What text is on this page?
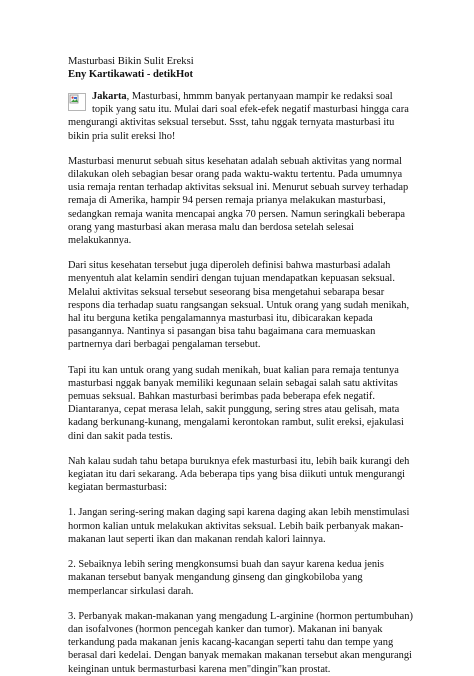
Masturbasi Bikin Sulit Ereksi
Eny Kartikawati - detikHot

Jakarta, Masturbasi, hmmm banyak pertanyaan mampir ke redaksi soal topik yang satu itu. Mulai dari soal efek-efek negatif masturbasi hingga cara mengurangi aktivitas seksual tersebut. Ssst, tahu nggak ternyata masturbasi itu bikin pria sulit ereksi lho!

Masturbasi menurut sebuah situs kesehatan adalah sebuah aktivitas yang normal dilakukan oleh sebagian besar orang pada waktu-waktu tertentu. Pada umumnya usia remaja rentan terhadap aktivitas seksual ini. Menurut sebuah survey terhadap remaja di Amerika, hampir 94 persen remaja prianya melakukan masturbasi, sedangkan remaja wanita mencapai angka 70 persen. Namun seringkali beberapa orang yang masturbasi akan merasa malu dan berdosa setelah selesai melakukannya.

Dari situs kesehatan tersebut juga diperoleh definisi bahwa masturbasi adalah menyentuh alat kelamin sendiri dengan tujuan mendapatkan kepuasan seksual. Melalui aktivitas seksual tersebut seseorang bisa mengetahui sebarapa besar respons dia terhadap suatu rangsangan seksual. Untuk orang yang sudah menikah, hal itu berguna ketika pengalamannya masturbasi itu, dibicarakan kepada pasangannya. Nantinya si pasangan bisa tahu bagaimana cara memuaskan partnernya dari berbagai pengalaman tersebut.

Tapi itu kan untuk orang yang sudah menikah, buat kalian para remaja tentunya masturbasi nggak banyak memiliki kegunaan selain sebagai salah satu aktivitas pemuas seksual. Bahkan masturbasi berimbas pada beberapa efek negatif. Diantaranya, cepat merasa lelah, sakit punggung, sering stres atau gelisah, mata kadang berkunang-kunang, mengalami kerontokan rambut, sulit ereksi, ejakulasi dini dan sakit pada testis.

Nah kalau sudah tahu betapa buruknya efek masturbasi itu, lebih baik kurangi deh kegiatan itu dari sekarang. Ada beberapa tips yang bisa diikuti untuk mengurangi kegiatan bermasturbasi:

1. Jangan sering-sering makan daging sapi karena daging akan lebih menstimulasi hormon kalian untuk melakukan aktivitas seksual. Lebih baik perbanyak makan-makanan laut seperti ikan dan makanan rendah kalori lainnya.

2. Sebaiknya lebih sering mengkonsumsi buah dan sayur karena kedua jenis makanan tersebut banyak mengandung ginseng dan gingkobiloba yang memperlancar sirkulasi darah.

3. Perbanyak makan-makanan yang mengadung L-arginine (hormon pertumbuhan) dan isofalvones (hormon pencegah kanker dan tumor). Makanan ini banyak terkandung pada makanan jenis kacang-kacangan seperti tahu dan tempe yang berasal dari kedelai. Dengan banyak memakan makanan tersebut akan mengurangi keinginan untuk bermasturbasi karena men"dingin"kan prostat.
